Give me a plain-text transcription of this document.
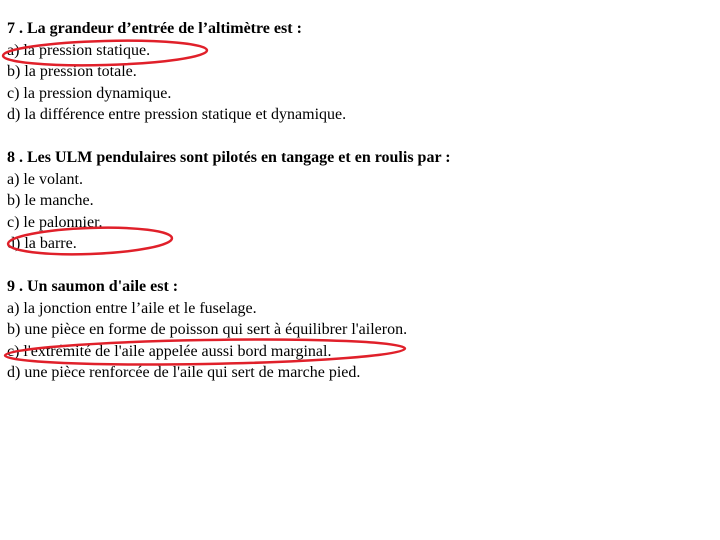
7 . La grandeur d’entrée de l’altimètre est :
a) la pression statique.
b) la pression totale.
c) la pression dynamique.
d) la différence entre pression statique et dynamique.
8 . Les ULM pendulaires sont pilotés en tangage et en roulis par :
a) le volant.
b) le manche.
c) le palonnier.
d) la barre.
9 . Un saumon d'aile est :
a) la jonction entre l’aile et le fuselage.
b) une pièce en forme de poisson qui sert à équilibrer l'aileron.
c) l'extrémité de l'aile appelée aussi bord marginal.
d) une pièce renforcée de l'aile qui sert de marche pied.
